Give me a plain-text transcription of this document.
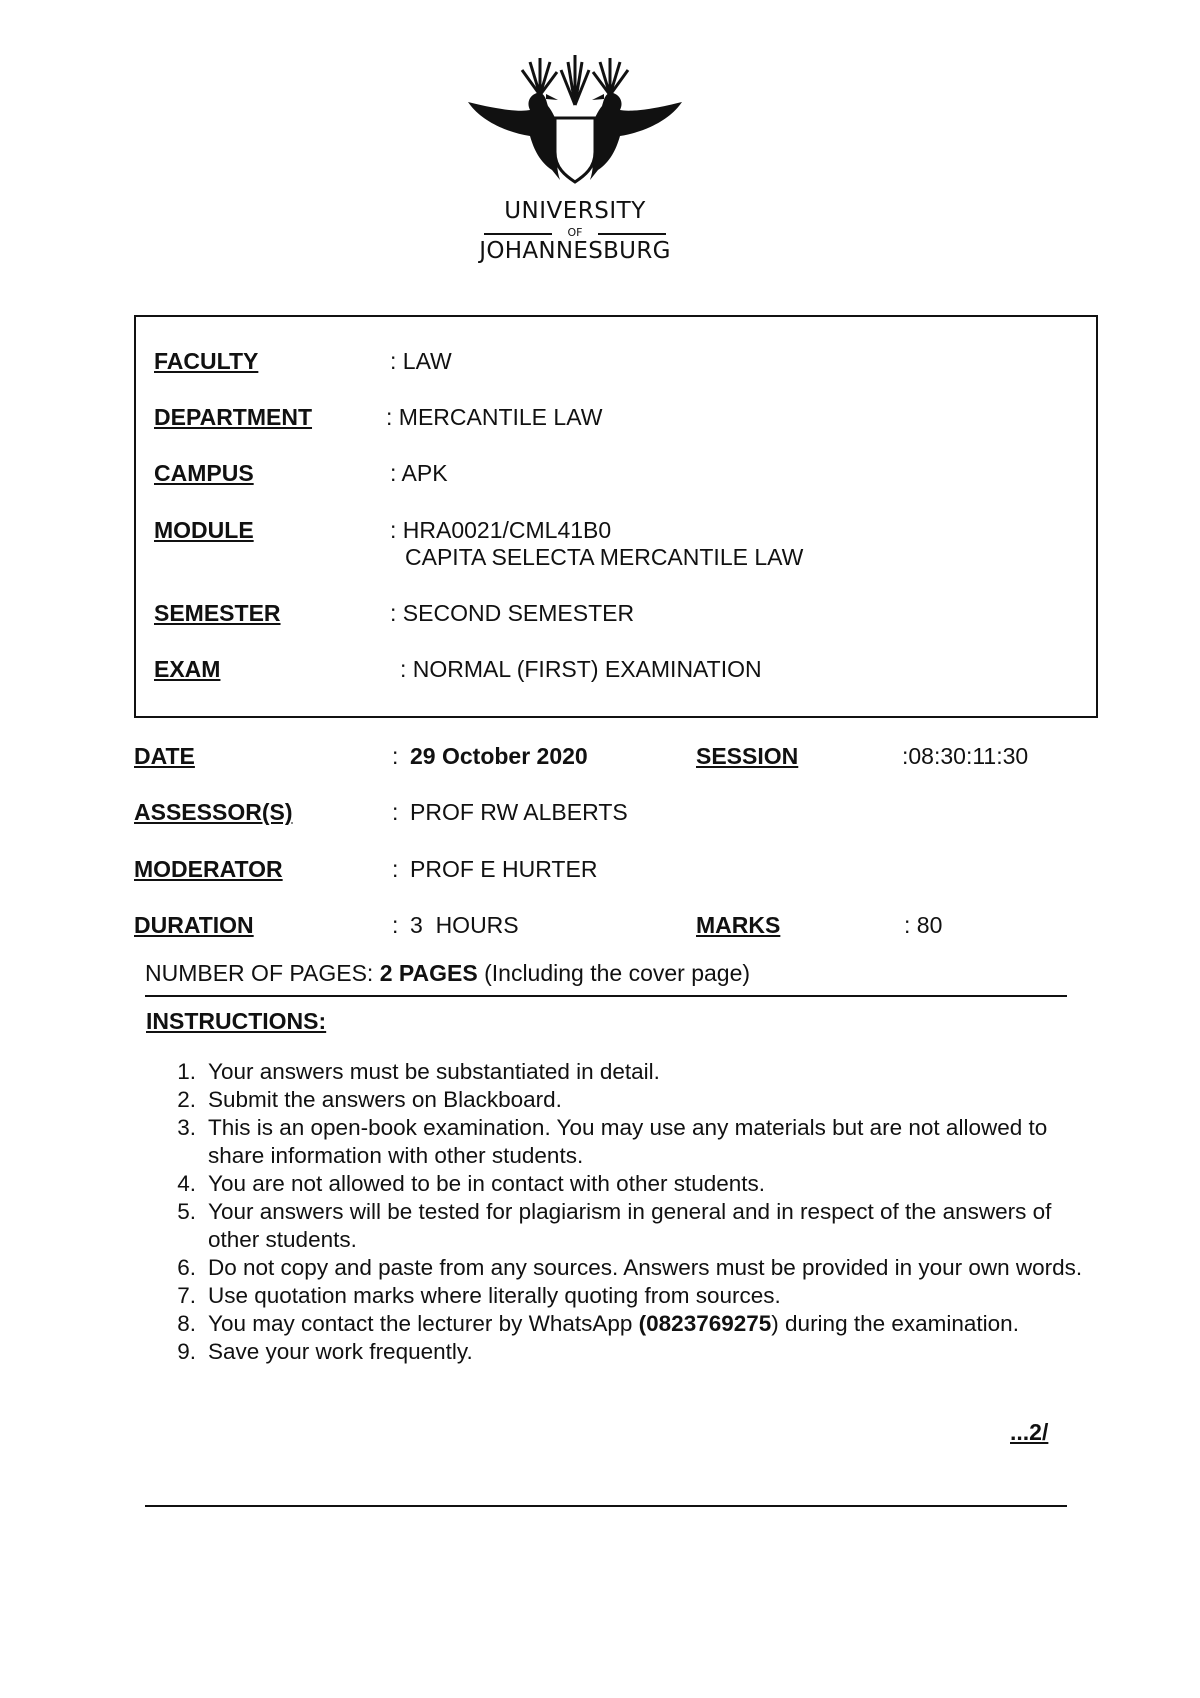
UNIVERSITY
OF
JOHANNESBURG
FACULTY	: LAW
DEPARTMENT	: MERCANTILE LAW
CAMPUS	: APK
MODULE	: HRA0021/CML41B0
CAPITA SELECTA MERCANTILE LAW
SEMESTER	: SECOND SEMESTER
EXAM	: NORMAL (FIRST) EXAMINATION
DATE	: 29 October 2020	SESSION	:08:30:11:30
ASSESSOR(S)	: PROF RW ALBERTS
MODERATOR	: PROF E HURTER
DURATION	: 3  HOURS	MARKS	: 80
NUMBER OF PAGES: 2 PAGES (Including the cover page)
INSTRUCTIONS:
1. Your answers must be substantiated in detail.
2. Submit the answers on Blackboard.
3. This is an open-book examination. You may use any materials but are not allowed to share information with other students.
4. You are not allowed to be in contact with other students.
5. Your answers will be tested for plagiarism in general and in respect of the answers of other students.
6. Do not copy and paste from any sources. Answers must be provided in your own words.
7. Use quotation marks where literally quoting from sources.
8. You may contact the lecturer by WhatsApp (0823769275) during the examination.
9. Save your work frequently.
...2/
